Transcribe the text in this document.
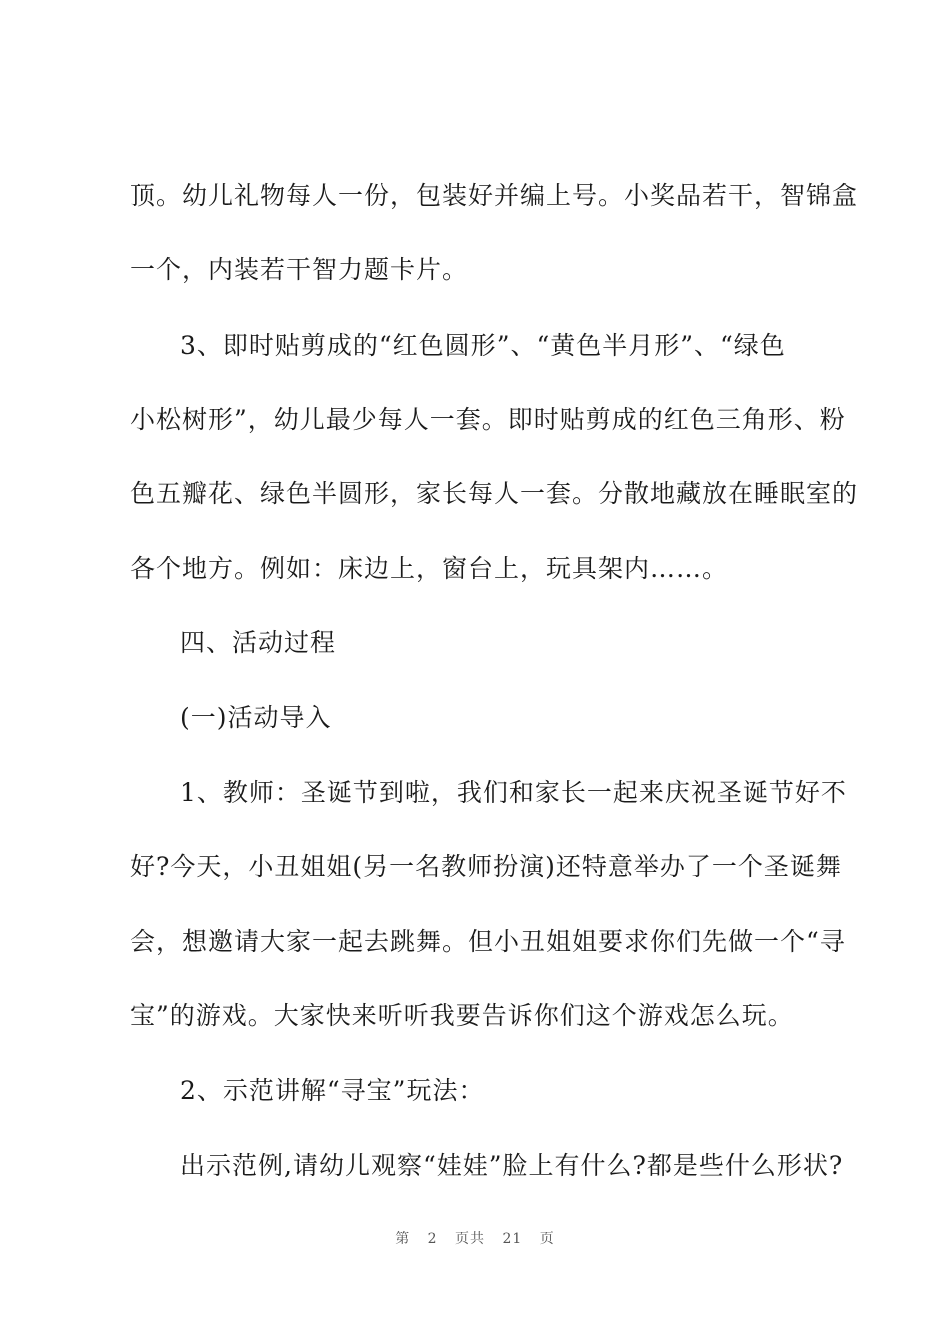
顶。幼儿礼物每人一份，包装好并编上号。小奖品若干，智锦盒
一个，内装若干智力题卡片。
3、即时贴剪成的“红色圆形”、“黄色半月形”、“绿色
小松树形”，幼儿最少每人一套。即时贴剪成的红色三角形、粉
色五瓣花、绿色半圆形，家长每人一套。分散地藏放在睡眠室的
各个地方。例如：床边上，窗台上，玩具架内……。
四、活动过程
(一)活动导入
1、教师：圣诞节到啦，我们和家长一起来庆祝圣诞节好不
好?今天，小丑姐姐(另一名教师扮演)还特意举办了一个圣诞舞
会，想邀请大家一起去跳舞。但小丑姐姐要求你们先做一个“寻
宝”的游戏。大家快来听听我要告诉你们这个游戏怎么玩。
2、示范讲解“寻宝”玩法：
出示范例,请幼儿观察“娃娃”脸上有什么?都是些什么形状?
第 2 页共 21 页
